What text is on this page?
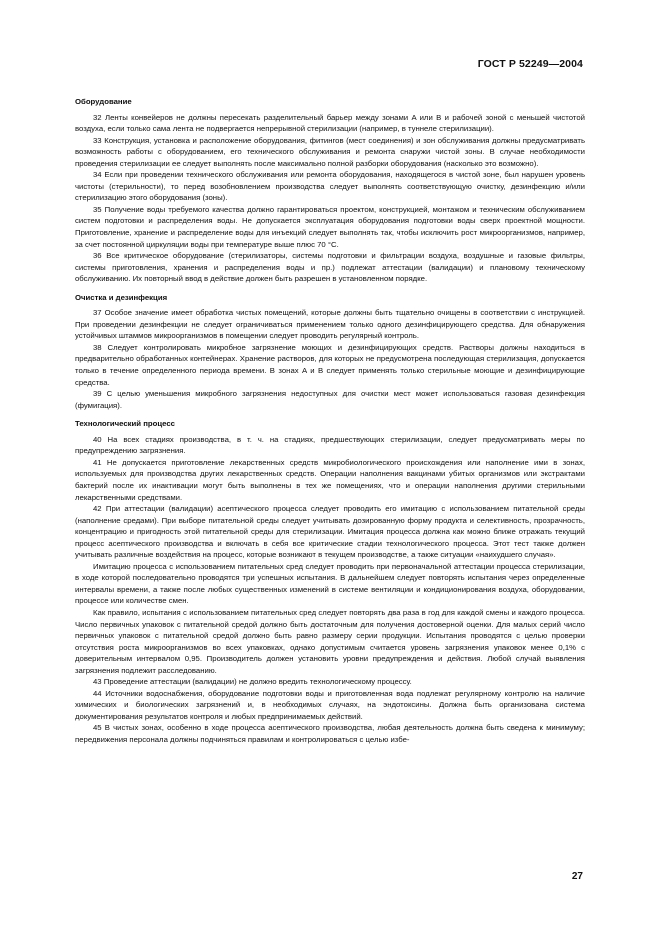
ГОСТ Р 52249—2004
Оборудование

32 Ленты конвейеров не должны пересекать разделительный барьер между зонами A или B и рабочей зоной с меньшей чистотой воздуха, если только сама лента не подвергается непрерывной стерилизации (например, в туннеле стерилизации).

33 Конструкция, установка и расположение оборудования, фитингов (мест соединения) и зон обслуживания должны предусматривать возможность работы с оборудованием, его технического обслуживания и ремонта снаружи чистой зоны. В случае необходимости проведения стерилизации ее следует выполнять после максимально полной разборки оборудования (насколько это возможно).

34 Если при проведении технического обслуживания или ремонта оборудования, находящегося в чистой зоне, был нарушен уровень чистоты (стерильности), то перед возобновлением производства следует выполнять соответствующую очистку, дезинфекцию и/или стерилизацию этого оборудования (зоны).

35 Получение воды требуемого качества должно гарантироваться проектом, конструкцией, монтажом и техническим обслуживанием систем подготовки и распределения воды. Не допускается эксплуатация оборудования подготовки воды сверх проектной мощности. Приготовление, хранение и распределение воды для инъекций следует выполнять так, чтобы исключить рост микроорганизмов, например, за счет постоянной циркуляции воды при температуре выше плюс 70 °С.

36 Все критическое оборудование (стерилизаторы, системы подготовки и фильтрации воздуха, воздушные и газовые фильтры, системы приготовления, хранения и распределения воды и пр.) подлежат аттестации (валидации) и плановому техническому обслуживанию. Их повторный ввод в действие должен быть разрешен в установленном порядке.

Очистка и дезинфекция

37 Особое значение имеет обработка чистых помещений, которые должны быть тщательно очищены в соответствии с инструкцией. При проведении дезинфекции не следует ограничиваться применением только одного дезинфицирующего средства. Для обнаружения устойчивых штаммов микроорганизмов в помещении следует проводить регулярный контроль.

38 Следует контролировать микробное загрязнение моющих и дезинфицирующих средств. Растворы должны находиться в предварительно обработанных контейнерах. Хранение растворов, для которых не предусмотрена последующая стерилизация, допускается только в течение определенного периода времени. В зонах A и B следует применять только стерильные моющие и дезинфицирующие средства.

39 С целью уменьшения микробного загрязнения недоступных для очистки мест может использоваться газовая дезинфекция (фумигация).

Технологический процесс

40 На всех стадиях производства, в т. ч. на стадиях, предшествующих стерилизации, следует предусматривать меры по предупреждению загрязнения.

41 Не допускается приготовление лекарственных средств микробиологического происхождения или наполнение ими в зонах, используемых для производства других лекарственных средств. Операции наполнения вакцинами убитых организмов или экстрактами бактерий после их инактивации могут быть выполнены в тех же помещениях, что и операции наполнения другими стерильными лекарственными средствами.

42 При аттестации (валидации) асептического процесса следует проводить его имитацию с использованием питательной среды (наполнение средами). При выборе питательной среды следует учитывать дозированную форму продукта и селективность, прозрачность, концентрацию и пригодность этой питательной среды для стерилизации. Имитация процесса должна как можно ближе отражать текущий процесс асептического производства и включать в себя все критические стадии технологического процесса. Этот тест также должен учитывать различные воздействия на процесс, которые возникают в текущем производстве, а также ситуации «наихудшего случая».

Имитацию процесса с использованием питательных сред следует проводить при первоначальной аттестации процесса стерилизации, в ходе которой последовательно проводятся три успешных испытания. В дальнейшем следует повторять испытания через определенные интервалы времени, а также после любых существенных изменений в системе вентиляции и кондиционирования воздуха, оборудовании, процессе или количестве смен.

Как правило, испытания с использованием питательных сред следует повторять два раза в год для каждой смены и каждого процесса. Число первичных упаковок с питательной средой должно быть достаточным для получения достоверной оценки. Для малых серий число первичных упаковок с питательной средой должно быть равно размеру серии продукции. Испытания проводятся с целью проверки отсутствия роста микроорганизмов во всех упаковках, однако допустимым считается уровень загрязнения упаковок менее 0,1% с доверительным интервалом 0,95. Производитель должен установить уровни предупреждения и действия. Любой случай выявления загрязнения подлежит расследованию.

43 Проведение аттестации (валидации) не должно вредить технологическому процессу.

44 Источники водоснабжения, оборудование подготовки воды и приготовленная вода подлежат регулярному контролю на наличие химических и биологических загрязнений и, в необходимых случаях, на эндотоксины. Должна быть организована система документирования результатов контроля и любых предпринимаемых действий.

45 В чистых зонах, особенно в ходе процесса асептического производства, любая деятельность должна быть сведена к минимуму; передвижения персонала должны подчиняться правилам и контролироваться с целью избе-

27
